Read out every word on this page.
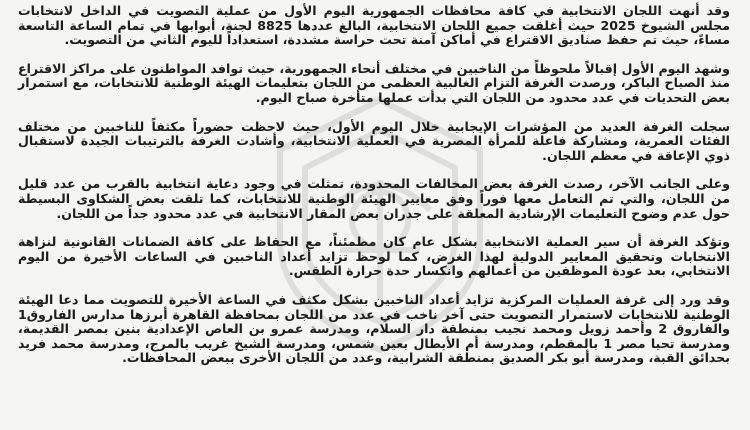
وقد أنهت اللجان الانتخابية في كافة محافظات الجمهورية اليوم الأول من عملية التصويت في الداخل لانتخابات مجلس الشيوخ 2025 حيث أغلقت جميع اللجان الانتخابية، البالغ عددها 8825 لجنة، أبوابها في تمام الساعة التاسعة مساءً، حيث تم حفظ صناديق الاقتراع في أماكن آمنة تحت حراسة مشددة، استعداداً لليوم الثاني من التصويت.

وشهد اليوم الأول إقبالاً ملحوظاً من الناخبين في مختلف أنحاء الجمهورية، حيث توافد المواطنون على مراكز الاقتراع منذ الصباح الباكر، ورصدت الغرفة التزام الغالبية العظمى من اللجان بتعليمات الهيئة الوطنية للانتخابات، مع استمرار بعض التحديات في عدد محدود من اللجان التي بدأت عملها متأخرة صباح اليوم.

سجلت الغرفة العديد من المؤشرات الإيجابية خلال اليوم الأول، حيث لاحظت حضوراً مكثفاً للناخبين من مختلف الفئات العمرية، ومشاركة فاعلة للمرأة المصرية في العملية الانتخابية، وأشادت الغرفة بالترتيبات الجيدة لاستقبال ذوي الإعاقة في معظم اللجان.

وعلى الجانب الآخر، رصدت الغرفة بعض المخالفات المحدودة، تمثلت في وجود دعاية انتخابية بالقرب من عدد قليل من اللجان، والتي تم التعامل معها فوراً وفق معايير الهيئة الوطنية للانتخابات، كما تلقت بعض الشكاوى البسيطة حول عدم وضوح التعليمات الإرشادية المعلقة على جدران بعض المقار الانتخابية في عدد محدود جداً من اللجان.

وتؤكد الغرفة أن سير العملية الانتخابية بشكل عام كان مطمئناً، مع الحفاظ على كافة الضمانات القانونية لنزاهة الانتخابات وتحقيق المعايير الدولية لهذا الغرض، كما لوحظ تزايد أعداد الناخبين في الساعات الأخيرة من اليوم الانتخابي، بعد عودة الموظفين من أعمالهم وانكسار حدة حرارة الطقس.

وقد ورد إلى غرفة العمليات المركزية تزايد أعداد الناخبين بشكل مكثف في الساعة الأخيرة للتصويت مما دعا الهيئة الوطنية للانتخابات لاستمرار التصويت حتى آخر ناخب في عدد من اللجان بمحافظة القاهرة أبرزها مدارس الفاروق1 والفاروق 2 وأحمد زويل ومحمد نجيب بمنطقة دار السلام، ومدرسة عمرو بن العاص الإعدادية بنين بمصر القديمة، ومدرسة تحيا مصر 1 بالمقطم، ومدرسة أم الأبطال بعين شمس، ومدرسة الشيخ غريب بالمرج، ومدرسة محمد فريد بحدائق القبة، ومدرسة أبو بكر الصديق بمنطقة الشرابية، وعدد من اللجان الأخرى ببعض المحافظات.
